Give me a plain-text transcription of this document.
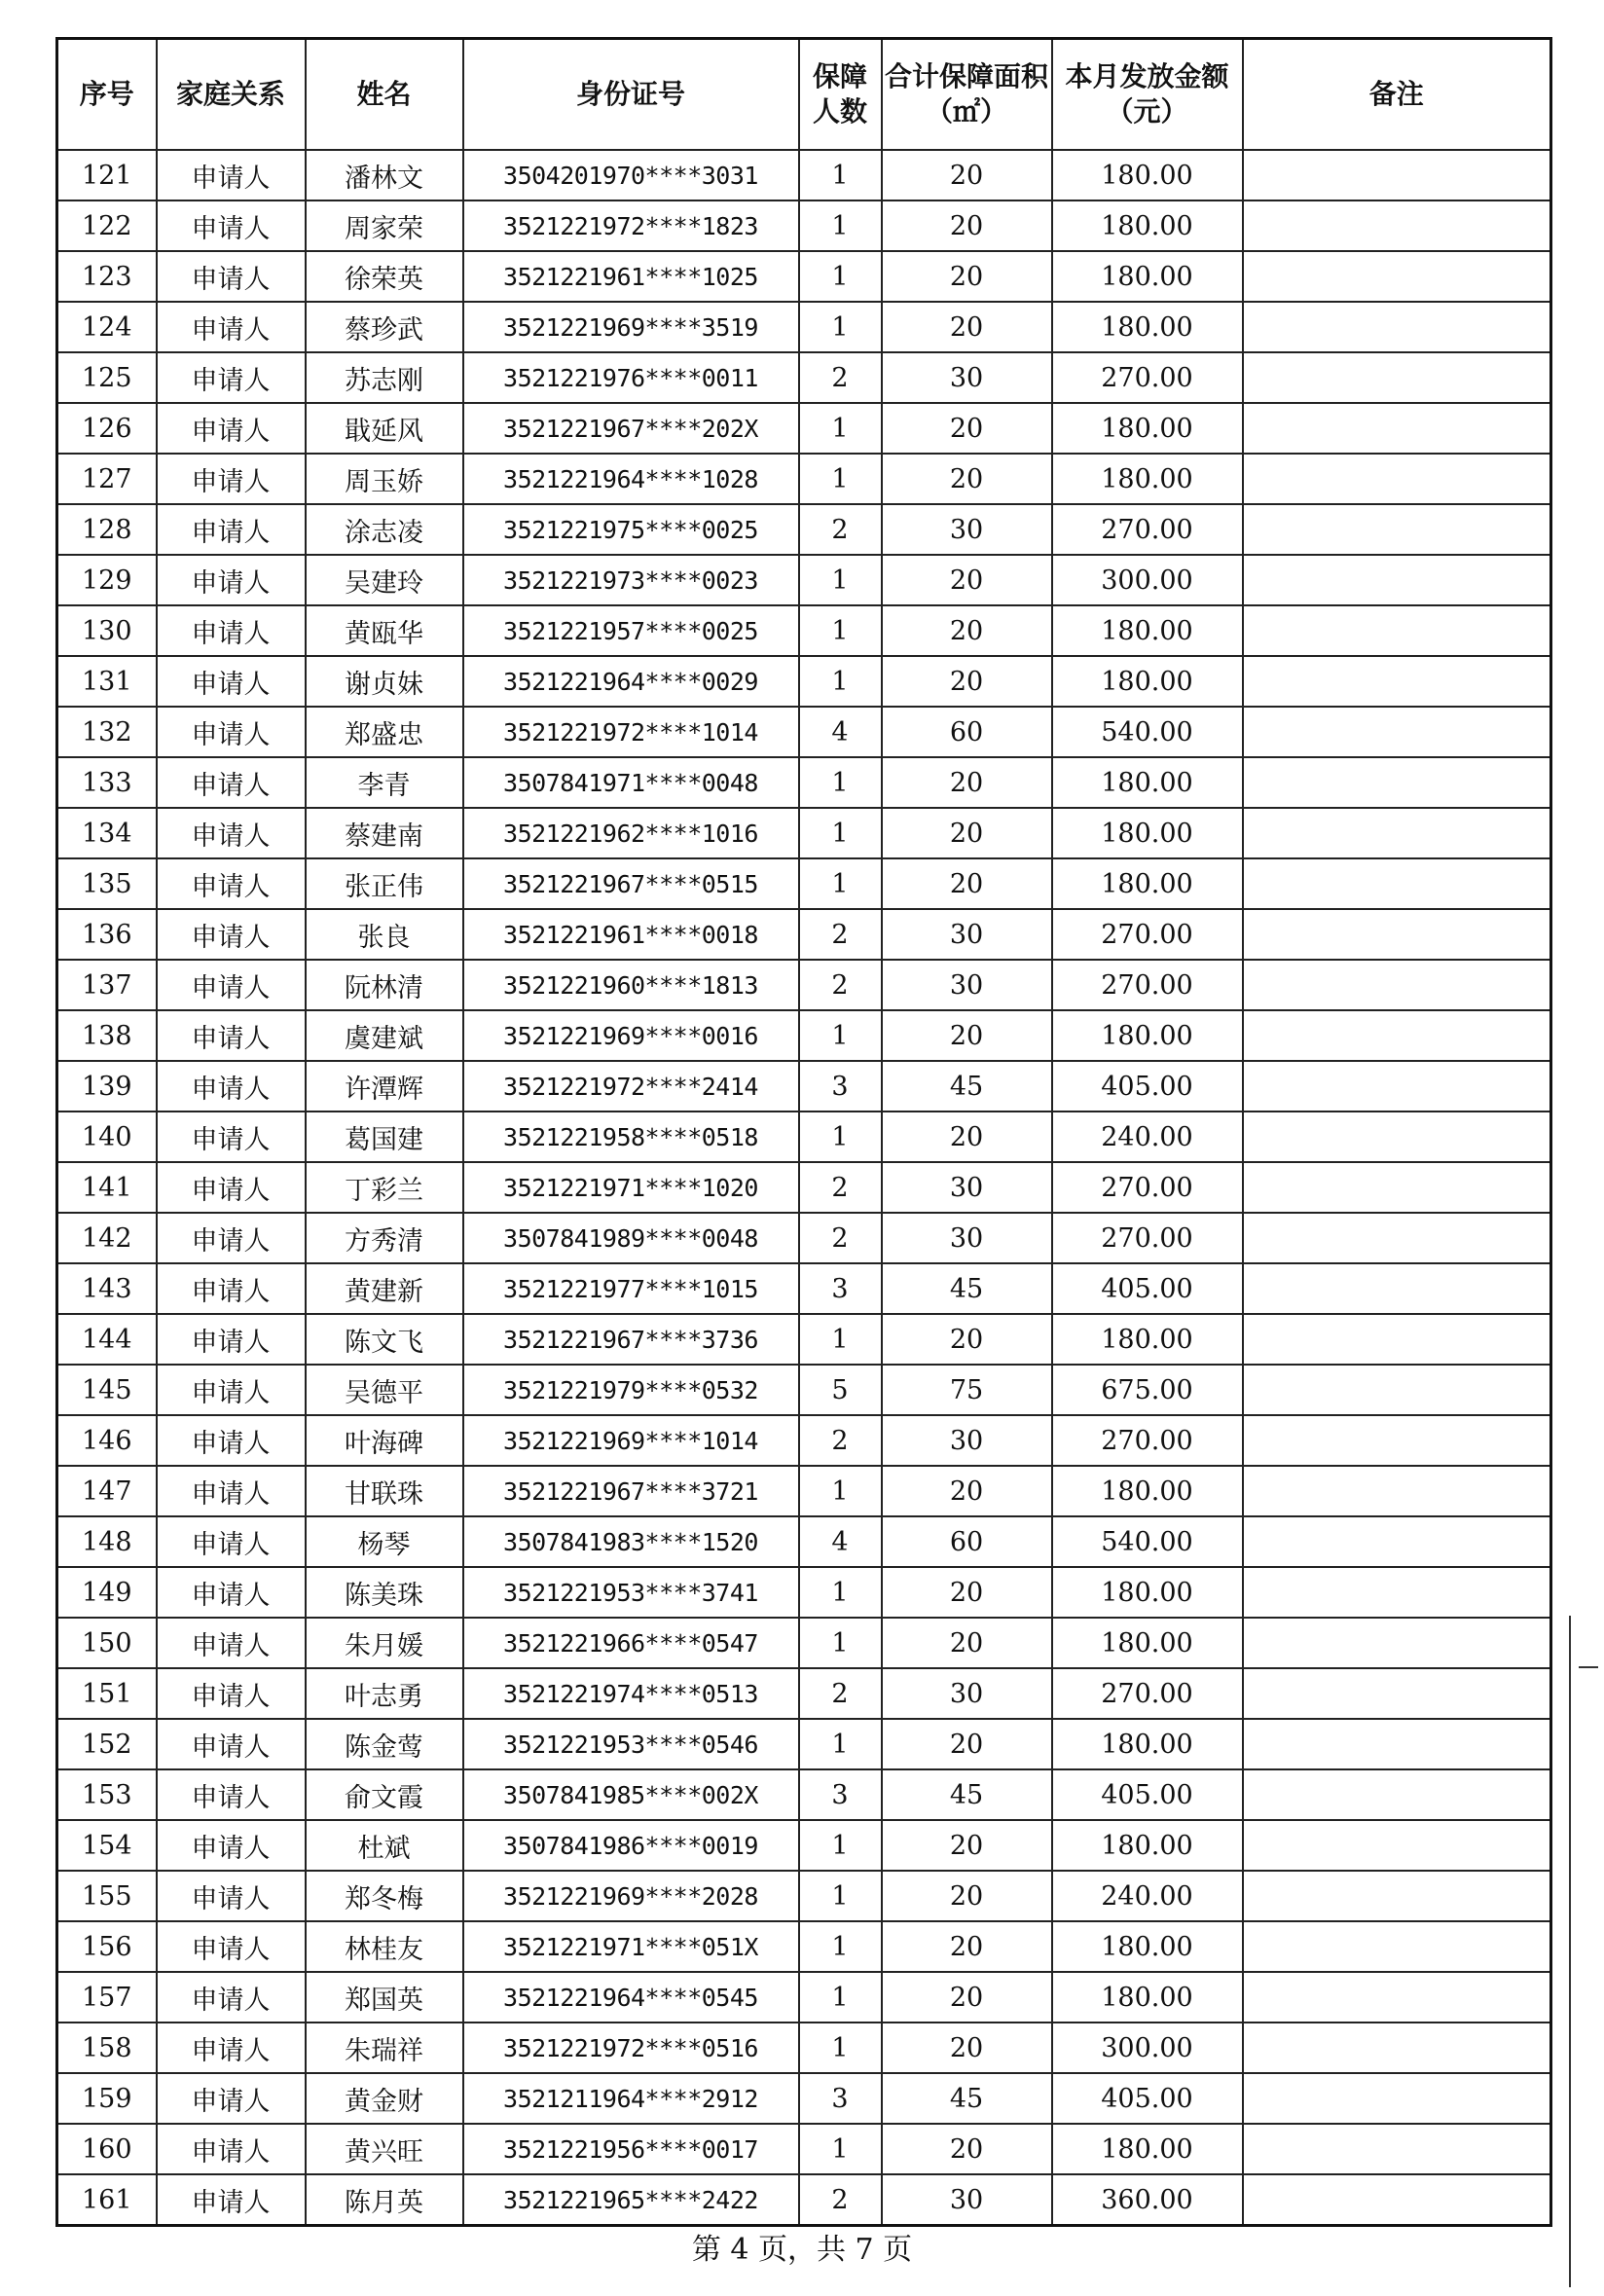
序号	家庭关系	姓名	身份证号	保障人数	合计保障面积（㎡）	本月发放金额（元）	备注
121	申请人	潘林文	3504201970****3031	1	20	180.00	
122	申请人	周家荣	3521221972****1823	1	20	180.00	
123	申请人	徐荣英	3521221961****1025	1	20	180.00	
124	申请人	蔡珍武	3521221969****3519	1	20	180.00	
125	申请人	苏志刚	3521221976****0011	2	30	270.00	
126	申请人	戢延风	3521221967****202X	1	20	180.00	
127	申请人	周玉娇	3521221964****1028	1	20	180.00	
128	申请人	涂志凌	3521221975****0025	2	30	270.00	
129	申请人	吴建玲	3521221973****0023	1	20	300.00	
130	申请人	黄瓯华	3521221957****0025	1	20	180.00	
131	申请人	谢贞妹	3521221964****0029	1	20	180.00	
132	申请人	郑盛忠	3521221972****1014	4	60	540.00	
133	申请人	李青	3507841971****0048	1	20	180.00	
134	申请人	蔡建南	3521221962****1016	1	20	180.00	
135	申请人	张正伟	3521221967****0515	1	20	180.00	
136	申请人	张良	3521221961****0018	2	30	270.00	
137	申请人	阮林清	3521221960****1813	2	30	270.00	
138	申请人	虞建斌	3521221969****0016	1	20	180.00	
139	申请人	许潭辉	3521221972****2414	3	45	405.00	
140	申请人	葛国建	3521221958****0518	1	20	240.00	
141	申请人	丁彩兰	3521221971****1020	2	30	270.00	
142	申请人	方秀清	3507841989****0048	2	30	270.00	
143	申请人	黄建新	3521221977****1015	3	45	405.00	
144	申请人	陈文飞	3521221967****3736	1	20	180.00	
145	申请人	吴德平	3521221979****0532	5	75	675.00	
146	申请人	叶海碑	3521221969****1014	2	30	270.00	
147	申请人	甘联珠	3521221967****3721	1	20	180.00	
148	申请人	杨琴	3507841983****1520	4	60	540.00	
149	申请人	陈美珠	3521221953****3741	1	20	180.00	
150	申请人	朱月媛	3521221966****0547	1	20	180.00	
151	申请人	叶志勇	3521221974****0513	2	30	270.00	
152	申请人	陈金莺	3521221953****0546	1	20	180.00	
153	申请人	俞文霞	3507841985****002X	3	45	405.00	
154	申请人	杜斌	3507841986****0019	1	20	180.00	
155	申请人	郑冬梅	3521221969****2028	1	20	240.00	
156	申请人	林桂友	3521221971****051X	1	20	180.00	
157	申请人	郑国英	3521221964****0545	1	20	180.00	
158	申请人	朱瑞祥	3521221972****0516	1	20	300.00	
159	申请人	黄金财	3521211964****2912	3	45	405.00	
160	申请人	黄兴旺	3521221956****0017	1	20	180.00	
161	申请人	陈月英	3521221965****2422	2	30	360.00	
第 4 页，共 7 页
